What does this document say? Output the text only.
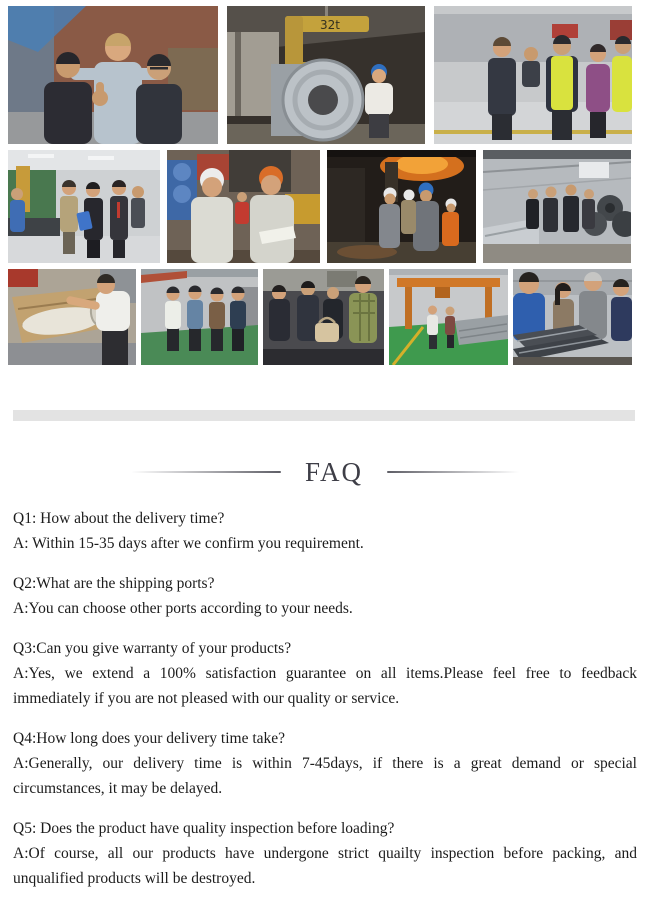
32t
FAQ
Q1: How about the delivery time?
A: Within 15-35 days after we confirm you requirement.
Q2:What are the shipping ports?
A:You can choose other ports according to your needs.
Q3:Can you give warranty of your products?
A:Yes, we extend a 100% satisfaction guarantee on all items.Please feel free to feedback immediately if you are not pleased with our quality or service.
Q4:How long does your delivery time take?
A:Generally, our delivery time is within 7-45days, if there is a great demand or special circumstances, it may be delayed.
Q5: Does the product have quality inspection before loading?
A:Of course, all our products have undergone strict quailty inspection before packing, and unqualified products will be destroyed.
